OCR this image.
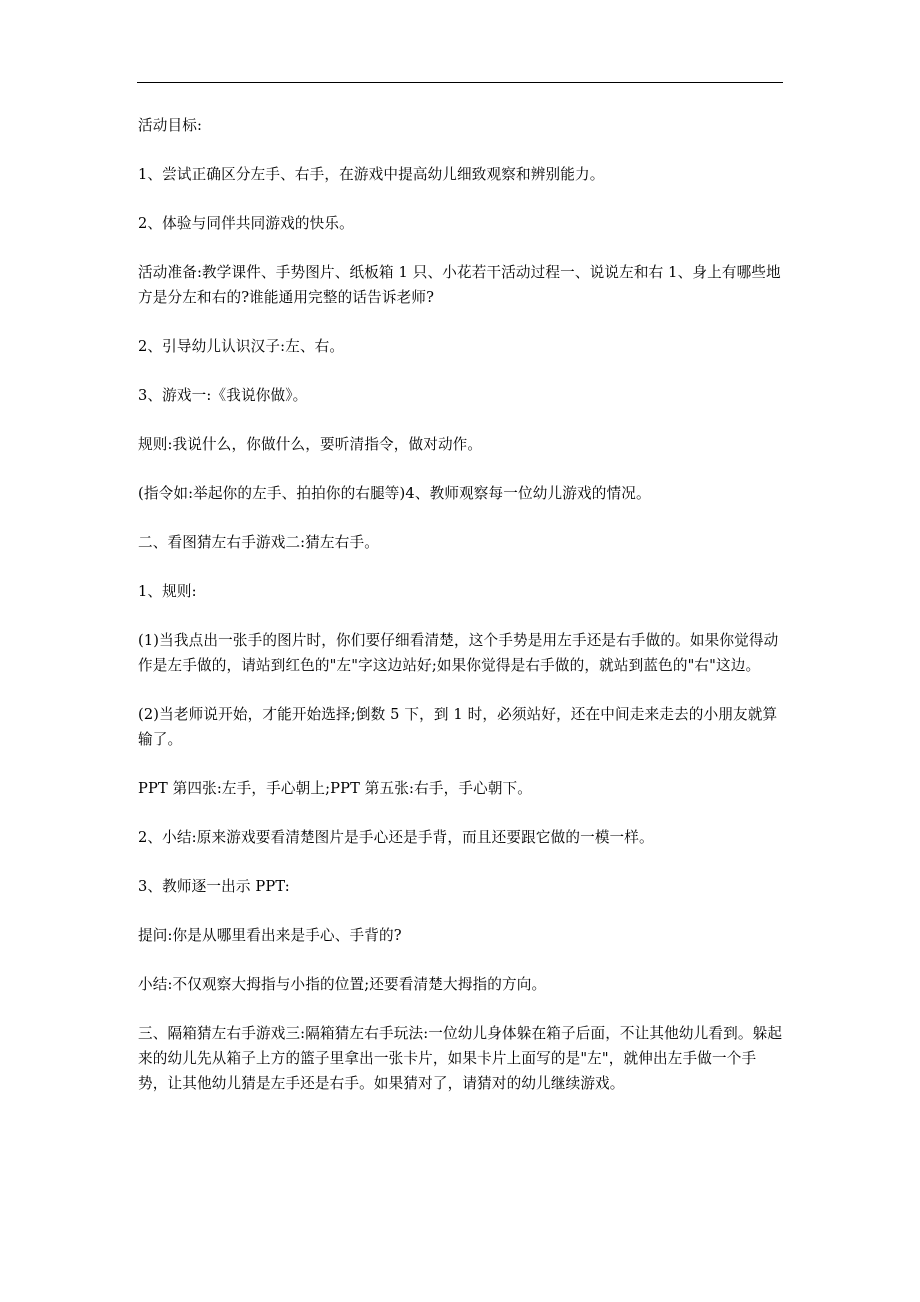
活动目标:

1、尝试正确区分左手、右手，在游戏中提高幼儿细致观察和辨别能力。

2、体验与同伴共同游戏的快乐。

活动准备:教学课件、手势图片、纸板箱 1 只、小花若干活动过程一、说说左和右 1、身上有哪些地方是分左和右的?谁能通用完整的话告诉老师?

2、引导幼儿认识汉子:左、右。

3、游戏一:《我说你做》。

规则:我说什么，你做什么，要听清指令，做对动作。

(指令如:举起你的左手、拍拍你的右腿等)4、教师观察每一位幼儿游戏的情况。

二、看图猜左右手游戏二:猜左右手。

1、规则:

(1)当我点出一张手的图片时，你们要仔细看清楚，这个手势是用左手还是右手做的。如果你觉得动作是左手做的，请站到红色的"左"字这边站好;如果你觉得是右手做的，就站到蓝色的"右"这边。

(2)当老师说开始，才能开始选择;倒数 5 下，到 1 时，必须站好，还在中间走来走去的小朋友就算输了。

PPT 第四张:左手，手心朝上;PPT 第五张:右手，手心朝下。

2、小结:原来游戏要看清楚图片是手心还是手背，而且还要跟它做的一模一样。

3、教师逐一出示 PPT:

提问:你是从哪里看出来是手心、手背的?

小结:不仅观察大拇指与小指的位置;还要看清楚大拇指的方向。

三、隔箱猜左右手游戏三:隔箱猜左右手玩法:一位幼儿身体躲在箱子后面，不让其他幼儿看到。躲起来的幼儿先从箱子上方的篮子里拿出一张卡片，如果卡片上面写的是"左"，就伸出左手做一个手势，让其他幼儿猜是左手还是右手。如果猜对了，请猜对的幼儿继续游戏。
